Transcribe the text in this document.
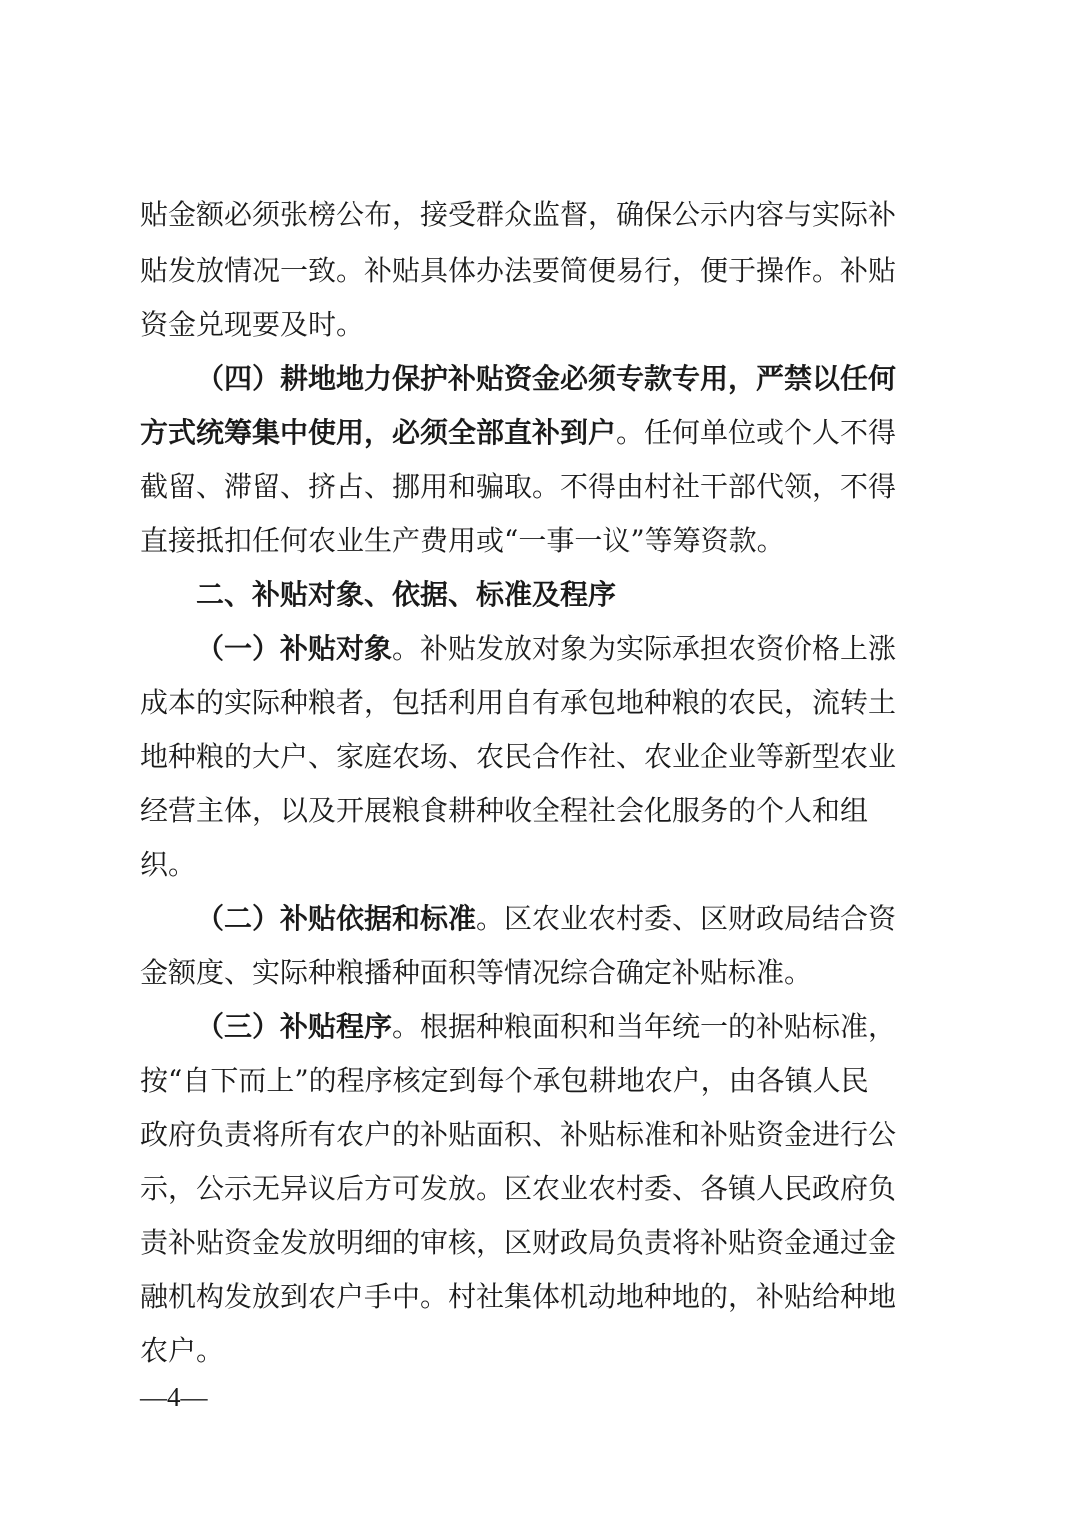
贴金额必须张榜公布，接受群众监督，确保公示内容与实际补
贴发放情况一致。补贴具体办法要简便易行，便于操作。补贴
资金兑现要及时。
（四）耕地地力保护补贴资金必须专款专用，严禁以任何
方式统筹集中使用，必须全部直补到户。任何单位或个人不得
截留、滞留、挤占、挪用和骗取。不得由村社干部代领，不得
直接抵扣任何农业生产费用或“一事一议”等筹资款。
二、补贴对象、依据、标准及程序
（一）补贴对象。补贴发放对象为实际承担农资价格上涨
成本的实际种粮者，包括利用自有承包地种粮的农民，流转土
地种粮的大户、家庭农场、农民合作社、农业企业等新型农业
经营主体，以及开展粮食耕种收全程社会化服务的个人和组
织。
（二）补贴依据和标准。区农业农村委、区财政局结合资
金额度、实际种粮播种面积等情况综合确定补贴标准。
（三）补贴程序。根据种粮面积和当年统一的补贴标准，
按“自下而上”的程序核定到每个承包耕地农户，由各镇人民
政府负责将所有农户的补贴面积、补贴标准和补贴资金进行公
示，公示无异议后方可发放。区农业农村委、各镇人民政府负
责补贴资金发放明细的审核，区财政局负责将补贴资金通过金
融机构发放到农户手中。村社集体机动地种地的，补贴给种地
农户。
—4—
